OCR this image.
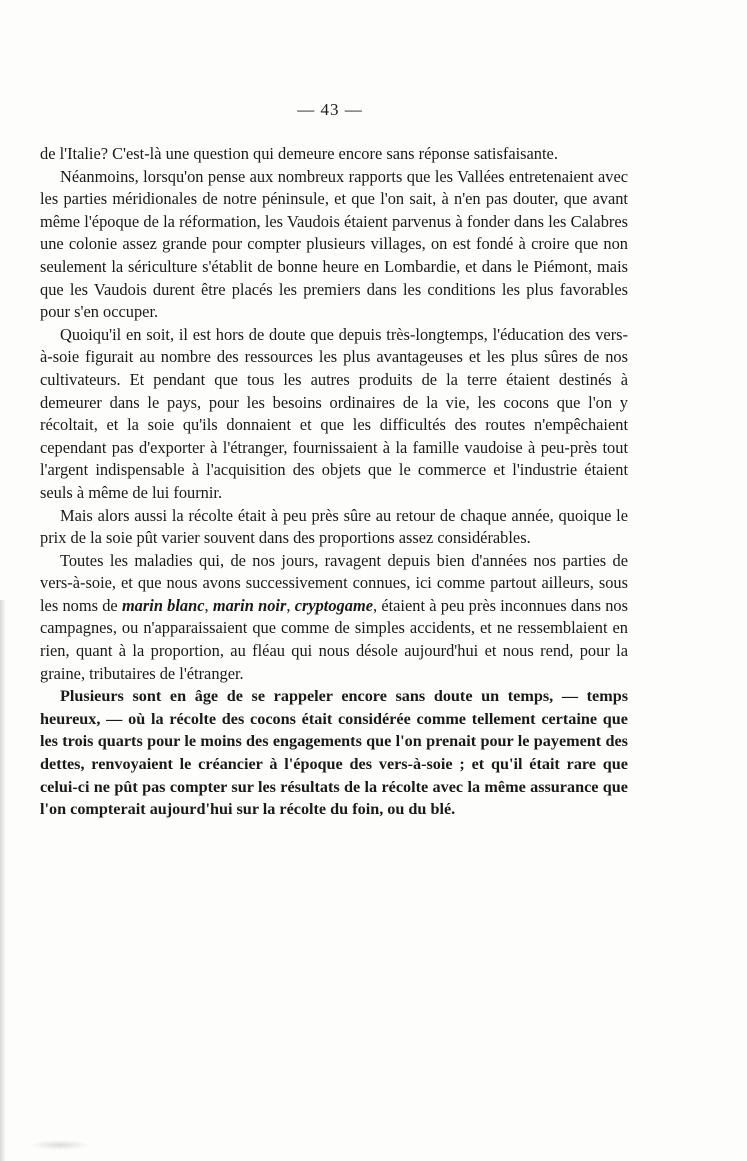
— 43 —

de l'Italie? C'est-là une question qui demeure encore sans réponse satisfaisante.

Néanmoins, lorsqu'on pense aux nombreux rapports que les Vallées entretenaient avec les parties méridionales de notre péninsule, et que l'on sait, à n'en pas douter, que avant même l'époque de la réformation, les Vaudois étaient parvenus à fonder dans les Calabres une colonie assez grande pour compter plusieurs villages, on est fondé à croire que non seulement la sériculture s'établit de bonne heure en Lombardie, et dans le Piémont, mais que les Vaudois durent être placés les premiers dans les conditions les plus favorables pour s'en occuper.

Quoiqu'il en soit, il est hors de doute que depuis très-longtemps, l'éducation des vers-à-soie figurait au nombre des ressources les plus avantageuses et les plus sûres de nos cultivateurs. Et pendant que tous les autres produits de la terre étaient destinés à demeurer dans le pays, pour les besoins ordinaires de la vie, les cocons que l'on y récoltait, et la soie qu'ils donnaient et que les difficultés des routes n'empêchaient cependant pas d'exporter à l'étranger, fournissaient à la famille vaudoise à peu-près tout l'argent indispensable à l'acquisition des objets que le commerce et l'industrie étaient seuls à même de lui fournir.

Mais alors aussi la récolte était à peu près sûre au retour de chaque année, quoique le prix de la soie pût varier souvent dans des proportions assez considérables.

Toutes les maladies qui, de nos jours, ravagent depuis bien d'années nos parties de vers-à-soie, et que nous avons successivement connues, ici comme partout ailleurs, sous les noms de marin blanc, marin noir, cryptogame, étaient à peu près inconnues dans nos campagnes, ou n'apparaissaient que comme de simples accidents, et ne ressemblaient en rien, quant à la proportion, au fléau qui nous désole aujourd'hui et nous rend, pour la graine, tributaires de l'étranger.

Plusieurs sont en âge de se rappeler encore sans doute un temps, — temps heureux, — où la récolte des cocons était considérée comme tellement certaine que les trois quarts pour le moins des engagements que l'on prenait pour le payement des dettes, renvoyaient le créancier à l'époque des vers-à-soie ; et qu'il était rare que celui-ci ne pût pas compter sur les résultats de la récolte avec la même assurance que l'on compterait aujourd'hui sur la récolte du foin, ou du blé.
